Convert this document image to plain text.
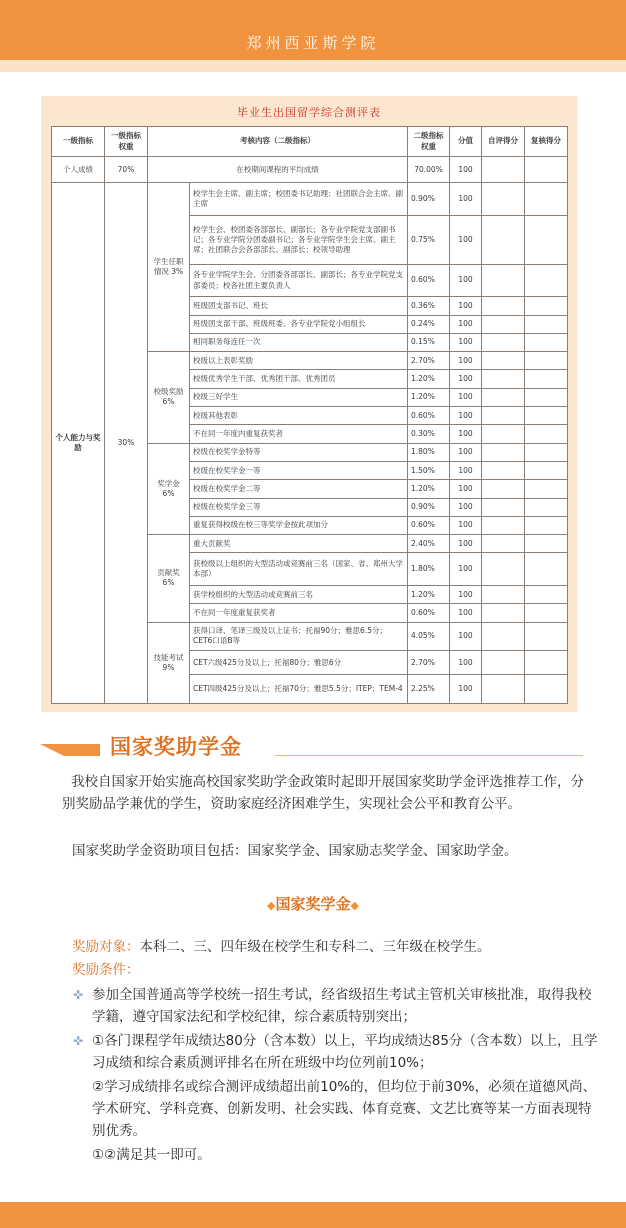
郑州西亚斯学院
毕业生出国留学综合测评表
一级指标	一级指标权重	考核内容（二级指标）		二级指标权重	分值	自评得分	复核得分
个人成绩	70%	在校期间课程的平均成绩		70.00%	100		
个人能力与奖励	30%	学生任职情况 3%	校学生会主席、副主席；校团委书记助理；社团联合会主席、副主席	0.90%	100		
			校学生会、校团委各部部长、副部长；各专业学院党支部副书记；各专业学院分团委副书记；各专业学院学生会主席、副主席；社团联合会各部部长、副部长；校领导助理	0.75%	100		
			各专业学院学生会、分团委各部部长、副部长；各专业学院党支部委员；校各社团主要负责人	0.60%	100		
			班级团支部书记、班长	0.36%	100		
			班级团支部干部、班级班委、各专业学院党小组组长	0.24%	100		
			相同职务每连任一次	0.15%	100		
		校级奖励 6%	校级以上表彰奖励	2.70%	100		
			校级优秀学生干部、优秀团干部、优秀团员	1.20%	100		
			校级三好学生	1.20%	100		
			校级其他表彰	0.60%	100		
			不在同一年度内重复获奖者	0.30%	100		
		奖学金 6%	校级在校奖学金特等	1.80%	100		
			校级在校奖学金一等	1.50%	100		
			校级在校奖学金二等	1.20%	100		
			校级在校奖学金三等	0.90%	100		
			重复获得校级在校三等奖学金按此项加分	0.60%	100		
		贡献奖 6%	重大贡献奖	2.40%	100		
			获校级以上组织的大型活动或竞赛前三名（国家、省、郑州大学本部）	1.80%	100		
			获学校组织的大型活动或竞赛前三名	1.20%	100		
			不在同一年度重复获奖者	0.60%	100		
		技能考试 9%	获得口译、笔译三级及以上证书；托福90分；雅思6.5分；CET6口语B等	4.05%	100		
			CET六级425分及以上；托福80分；雅思6分	2.70%	100		
			CET四级425分及以上；托福70分；雅思5.5分；ITEP；TEM-4	2.25%	100		
国家奖助学金
我校自国家开始实施高校国家奖助学金政策时起即开展国家奖助学金评选推荐工作，分别奖励品学兼优的学生，资助家庭经济困难学生，实现社会公平和教育公平。
国家奖助学金资助项目包括：国家奖学金、国家励志奖学金、国家助学金。
◆国家奖学金◆
奖励对象：本科二、三、四年级在校学生和专科二、三年级在校学生。
奖励条件：
✜ 参加全国普通高等学校统一招生考试，经省级招生考试主管机关审核批准，取得我校学籍，遵守国家法纪和学校纪律，综合素质特别突出；
✜ ①各门课程学年成绩达80分（含本数）以上，平均成绩达85分（含本数）以上，且学习成绩和综合素质测评排名在所在班级中均位列前10%；
②学习成绩排名或综合测评成绩超出前10%的，但均位于前30%，必须在道德风尚、学术研究、学科竞赛、创新发明、社会实践、体育竞赛、文艺比赛等某一方面表现特别优秀。
①②满足其一即可。
